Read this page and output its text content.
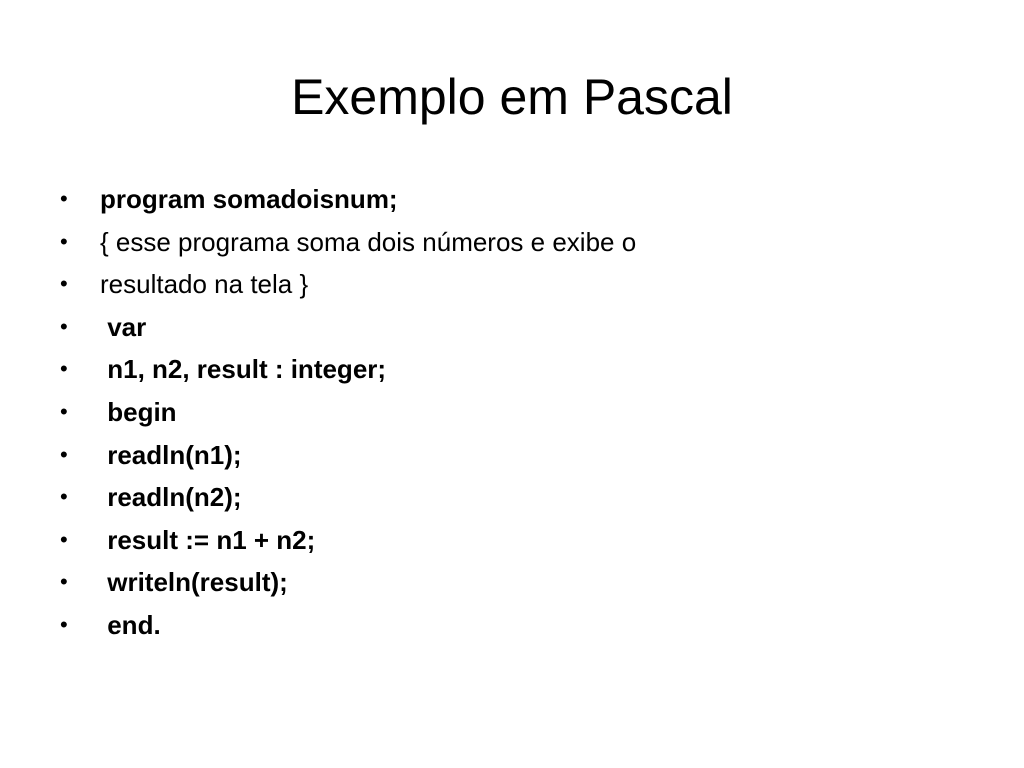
Exemplo em Pascal
• program somadoisnum;
• { esse programa soma dois números e exibe o
• resultado na tela }
• var
• n1, n2, result : integer;
• begin
• readln(n1);
• readln(n2);
• result := n1 + n2;
• writeln(result);
• end.
